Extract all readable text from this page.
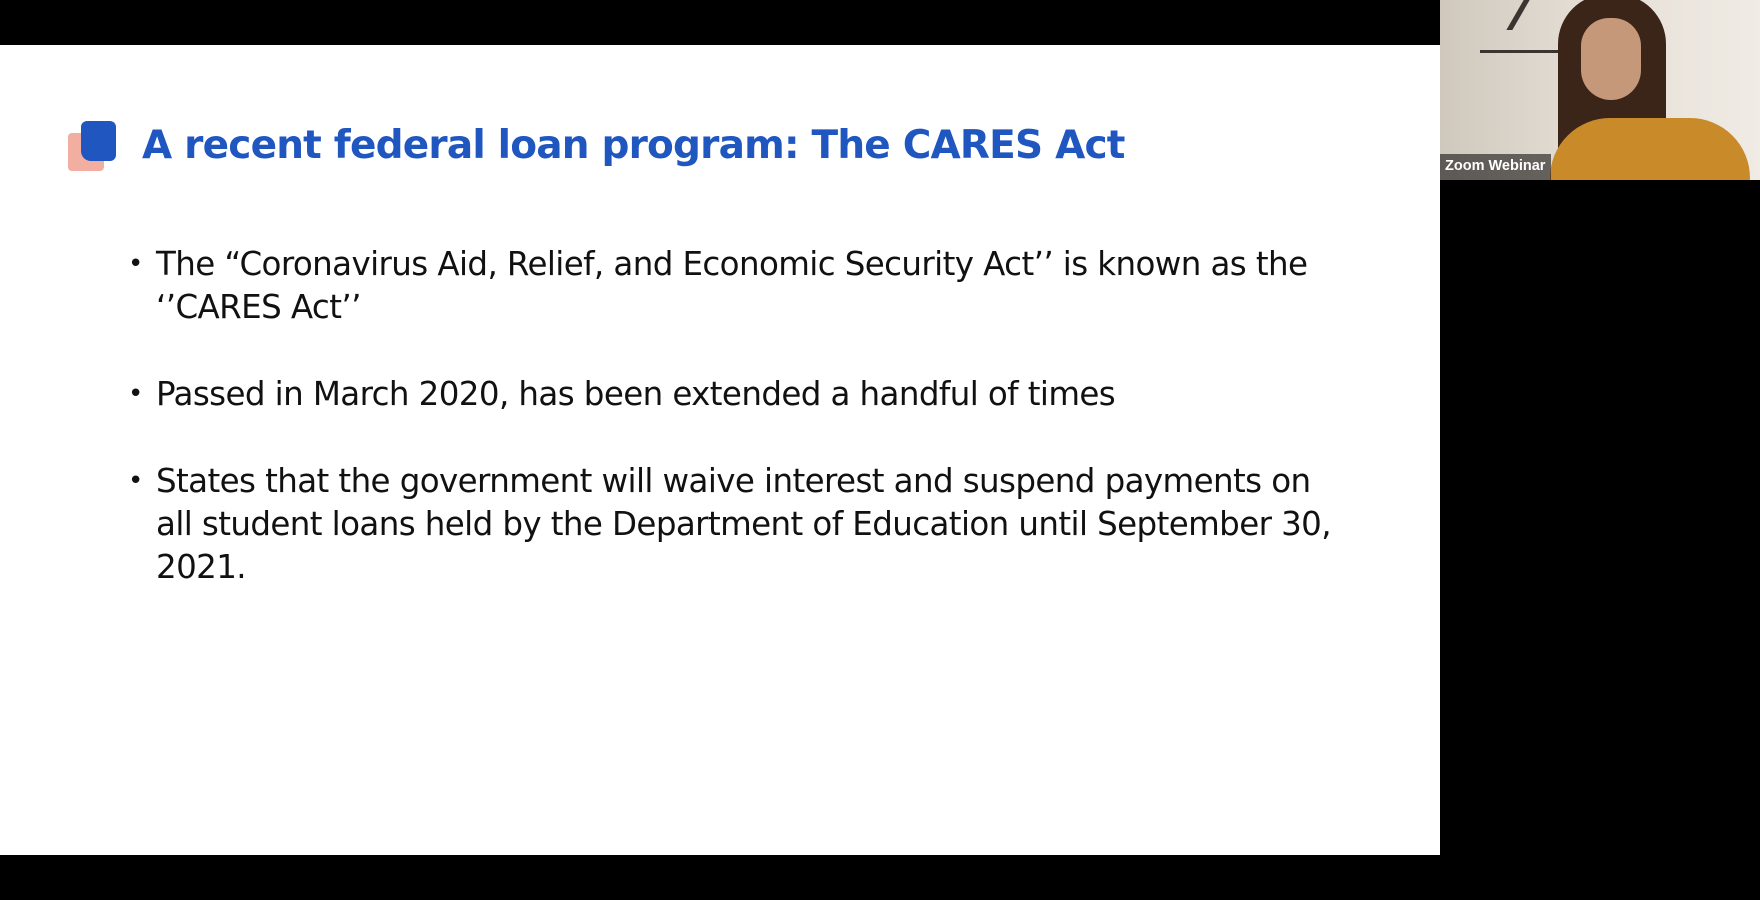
A recent federal loan program: The CARES Act
• The “Coronavirus Aid, Relief, and Economic Security Act’’ is known as the ‘’CARES Act’’
• Passed in March 2020, has been extended a handful of times
• States that the government will waive interest and suspend payments on all student loans held by the Department of Education until September 30, 2021.
Zoom Webinar
